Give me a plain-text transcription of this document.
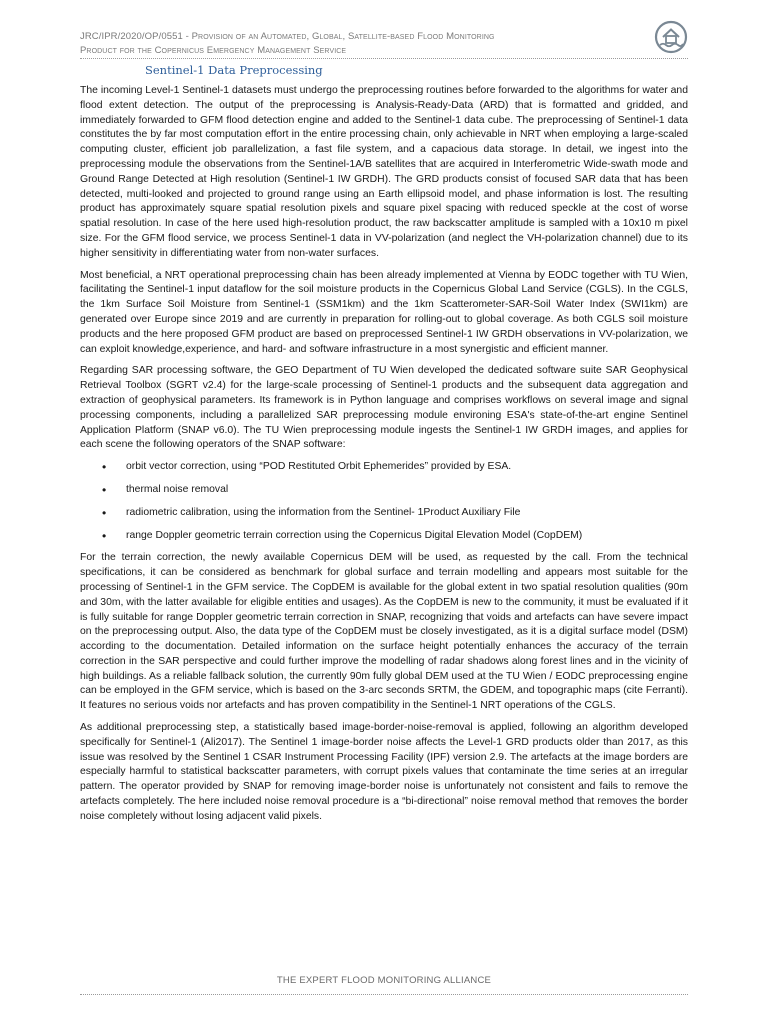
JRC/IPR/2020/OP/0551 - Provision of an Automated, Global, Satellite-based Flood Monitoring
Product for the Copernicus Emergency Management Service
Sentinel-1 Data Preprocessing

The incoming Level-1 Sentinel-1 datasets must undergo the preprocessing routines before forwarded to the algorithms for water and flood extent detection. The output of the preprocessing is Analysis-Ready-Data (ARD) that is formatted and gridded, and immediately forwarded to GFM flood detection engine and added to the Sentinel-1 data cube. The preprocessing of Sentinel-1 data constitutes the by far most computation effort in the entire processing chain, only achievable in NRT when employing a large-scaled computing cluster, efficient job parallelization, a fast file system, and a capacious data storage. In detail, we ingest into the preprocessing module the observations from the Sentinel-1A/B satellites that are acquired in Interferometric Wide-swath mode and Ground Range Detected at High resolution (Sentinel-1 IW GRDH). The GRD products consist of focused SAR data that has been detected, multi-looked and projected to ground range using an Earth ellipsoid model, and phase information is lost. The resulting product has approximately square spatial resolution pixels and square pixel spacing with reduced speckle at the cost of worse spatial resolution. In case of the here used high-resolution product, the raw backscatter amplitude is sampled with a 10x10 m pixel size. For the GFM flood service, we process Sentinel-1 data in VV-polarization (and neglect the VH-polarization channel) due to its higher sensitivity in differentiating water from non-water surfaces.

Most beneficial, a NRT operational preprocessing chain has been already implemented at Vienna by EODC together with TU Wien, facilitating the Sentinel-1 input dataflow for the soil moisture products in the Copernicus Global Land Service (CGLS). In the CGLS, the 1km Surface Soil Moisture from Sentinel-1 (SSM1km) and the 1km Scatterometer-SAR-Soil Water Index (SWI1km) are generated over Europe since 2019 and are currently in preparation for rolling-out to global coverage. As both CGLS soil moisture products and the here proposed GFM product are based on preprocessed Sentinel-1 IW GRDH observations in VV-polarization, we can exploit knowledge,experience, and hard- and software infrastructure in a most synergistic and efficient manner.

Regarding SAR processing software, the GEO Department of TU Wien developed the dedicated software suite SAR Geophysical Retrieval Toolbox (SGRT v2.4) for the large-scale processing of Sentinel-1 products and the subsequent data aggregation and extraction of geophysical parameters. Its framework is in Python language and comprises workflows on several image and signal processing components, including a parallelized SAR preprocessing module environing ESA's state-of-the-art engine Sentinel Application Platform (SNAP v6.0). The TU Wien preprocessing module ingests the Sentinel-1 IW GRDH images, and applies for each scene the following operators of the SNAP software:

• orbit vector correction, using “POD Restituted Orbit Ephemerides” provided by ESA.
• thermal noise removal
• radiometric calibration, using the information from the Sentinel- 1Product Auxiliary File
• range Doppler geometric terrain correction using the Copernicus Digital Elevation Model (CopDEM)

For the terrain correction, the newly available Copernicus DEM will be used, as requested by the call. From the technical specifications, it can be considered as benchmark for global surface and terrain modelling and appears most suitable for the processing of Sentinel-1 in the GFM service. The CopDEM is available for the global extent in two spatial resolution qualities (90m and 30m, with the latter available for eligible entities and usages). As the CopDEM is new to the community, it must be evaluated if it is fully suitable for range Doppler geometric terrain correction in SNAP, recognizing that voids and artefacts can have severe impact on the preprocessing output. Also, the data type of the CopDEM must be closely investigated, as it is a digital surface model (DSM) according to the documentation. Detailed information on the surface height potentially enhances the accuracy of the terrain correction in the SAR perspective and could further improve the modelling of radar shadows along forest lines and in the vicinity of high buildings. As a reliable fallback solution, the currently 90m fully global DEM used at the TU Wien / EODC preprocessing engine can be employed in the GFM service, which is based on the 3-arc seconds SRTM, the GDEM, and topographic maps (cite Ferranti). It features no serious voids nor artefacts and has proven compatibility in the Sentinel-1 NRT operations of the CGLS.

As additional preprocessing step, a statistically based image-border-noise-removal is applied, following an algorithm developed specifically for Sentinel-1 (Ali2017). The Sentinel 1 image-border noise affects the Level-1 GRD products older than 2017, as this issue was resolved by the Sentinel 1 CSAR Instrument Processing Facility (IPF) version 2.9. The artefacts at the image borders are especially harmful to statistical backscatter parameters, with corrupt pixels values that contaminate the time series at an irregular pattern. The operator provided by SNAP for removing image-border noise is unfortunately not consistent and fails to remove the artefacts completely. The here included noise removal procedure is a “bi-directional” noise removal method that removes the border noise completely without losing adjacent valid pixels.

THE EXPERT FLOOD MONITORING ALLIANCE
